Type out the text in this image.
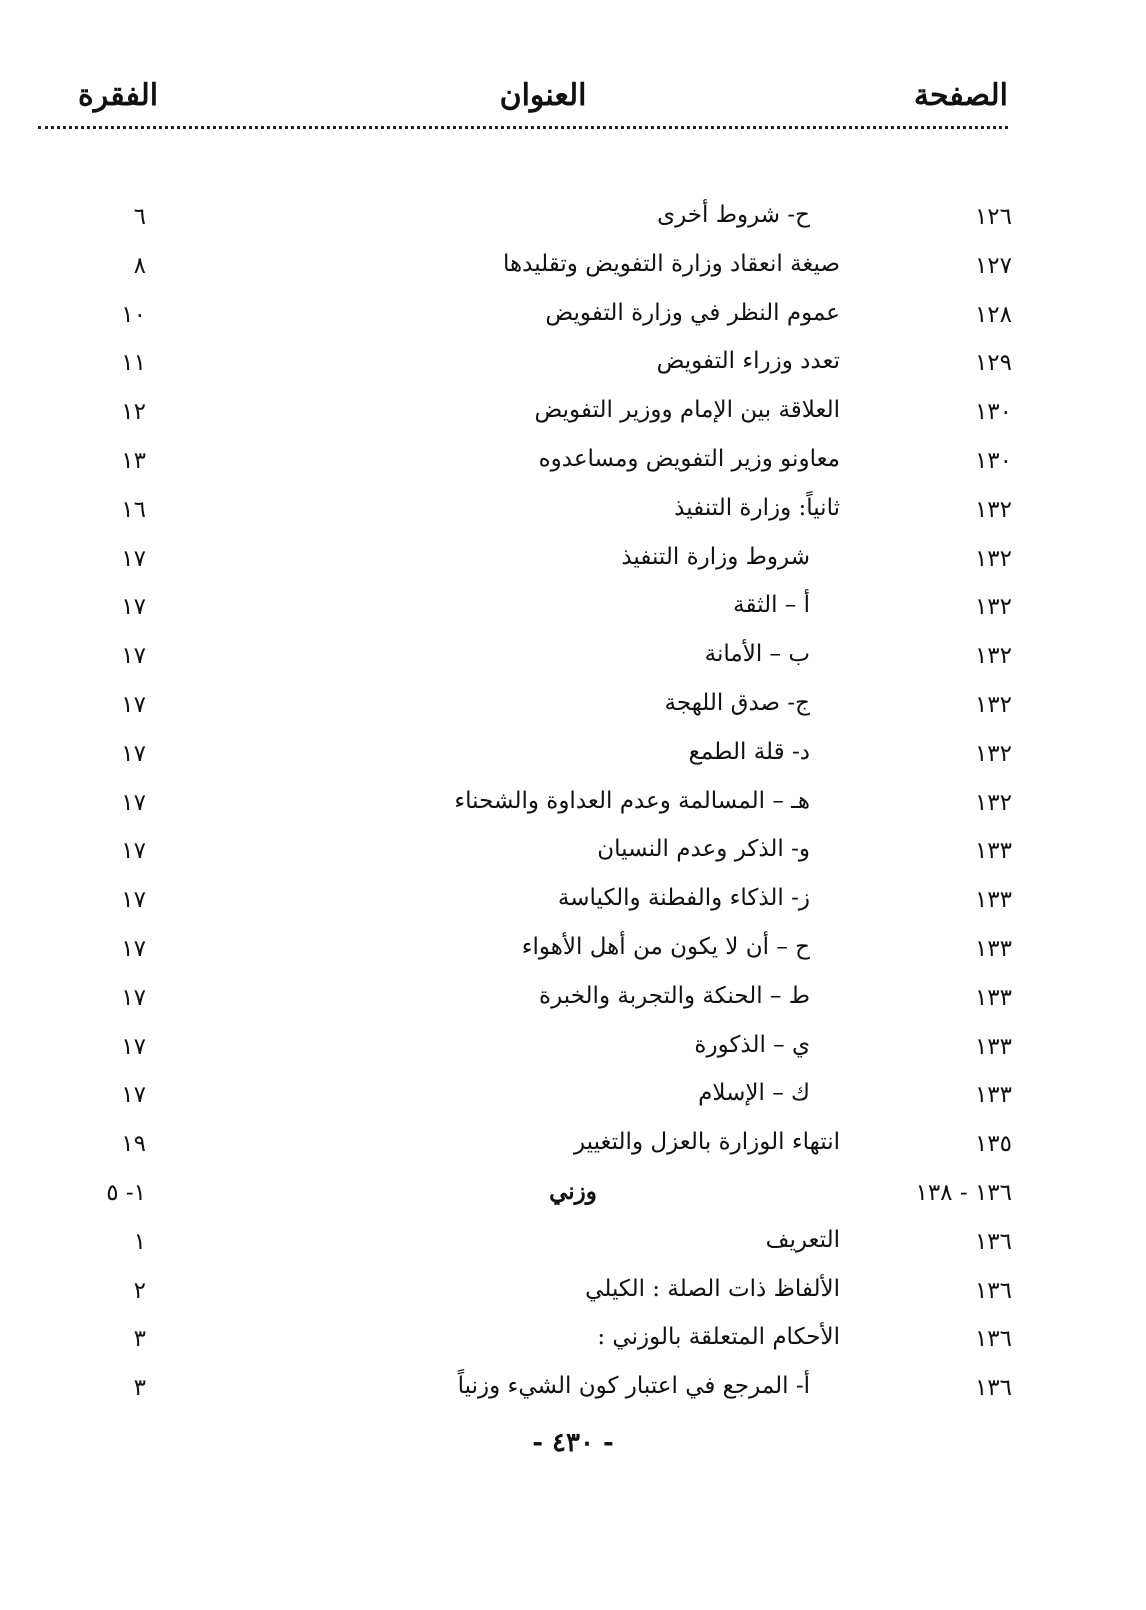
الصفحة
العنوان
الفقرة
١٢٦
ح- شروط أخرى
٦
١٢٧
صيغة انعقاد وزارة التفويض وتقليدها
٨
١٢٨
عموم النظر في وزارة التفويض
١٠
١٢٩
تعدد وزراء التفويض
١١
١٣٠
العلاقة بين الإمام ووزير التفويض
١٢
١٣٠
معاونو وزير التفويض ومساعدوه
١٣
١٣٢
ثانياً: وزارة التنفيذ
١٦
١٣٢
شروط وزارة التنفيذ
١٧
١٣٢
أ – الثقة
١٧
١٣٢
ب – الأمانة
١٧
١٣٢
ج- صدق اللهجة
١٧
١٣٢
د- قلة الطمع
١٧
١٣٢
هـ – المسالمة وعدم العداوة والشحناء
١٧
١٣٣
و- الذكر وعدم النسيان
١٧
١٣٣
ز- الذكاء والفطنة والكياسة
١٧
١٣٣
ح – أن لا يكون من أهل الأهواء
١٧
١٣٣
ط – الحنكة والتجربة والخبرة
١٧
١٣٣
ي – الذكورة
١٧
١٣٣
ك – الإسلام
١٧
١٣٥
انتهاء الوزارة بالعزل والتغيير
١٩
١٣٦ - ١٣٨
وزني
١- ٥
١٣٦
التعريف
١
١٣٦
الألفاظ ذات الصلة : الكيلي
٢
١٣٦
الأحكام المتعلقة بالوزني :
٣
١٣٦
أ- المرجع في اعتبار كون الشيء وزنياً
٣
- ٤٣٠ -
